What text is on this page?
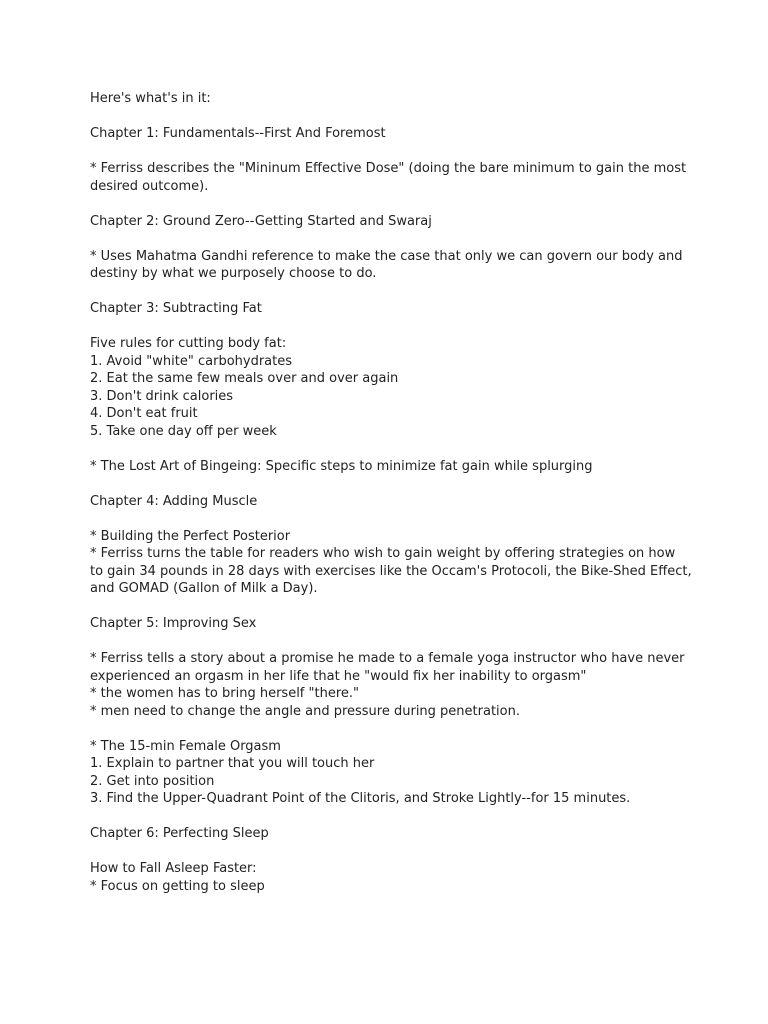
Here's what's in it:
Chapter 1: Fundamentals--First And Foremost
* Ferriss describes the "Mininum Effective Dose" (doing the bare minimum to gain the most
desired outcome).
Chapter 2: Ground Zero--Getting Started and Swaraj
* Uses Mahatma Gandhi reference to make the case that only we can govern our body and
destiny by what we purposely choose to do.
Chapter 3: Subtracting Fat
Five rules for cutting body fat:
1. Avoid "white" carbohydrates
2. Eat the same few meals over and over again
3. Don't drink calories
4. Don't eat fruit
5. Take one day off per week
* The Lost Art of Bingeing: Specific steps to minimize fat gain while splurging
Chapter 4: Adding Muscle
* Building the Perfect Posterior
* Ferriss turns the table for readers who wish to gain weight by offering strategies on how
to gain 34 pounds in 28 days with exercises like the Occam's Protocoli, the Bike-Shed Effect,
and GOMAD (Gallon of Milk a Day).
Chapter 5: Improving Sex
* Ferriss tells a story about a promise he made to a female yoga instructor who have never
experienced an orgasm in her life that he "would fix her inability to orgasm"
* the women has to bring herself "there."
* men need to change the angle and pressure during penetration.
* The 15-min Female Orgasm
1. Explain to partner that you will touch her
2. Get into position
3. Find the Upper-Quadrant Point of the Clitoris, and Stroke Lightly--for 15 minutes.
Chapter 6: Perfecting Sleep
How to Fall Asleep Faster:
* Focus on getting to sleep
